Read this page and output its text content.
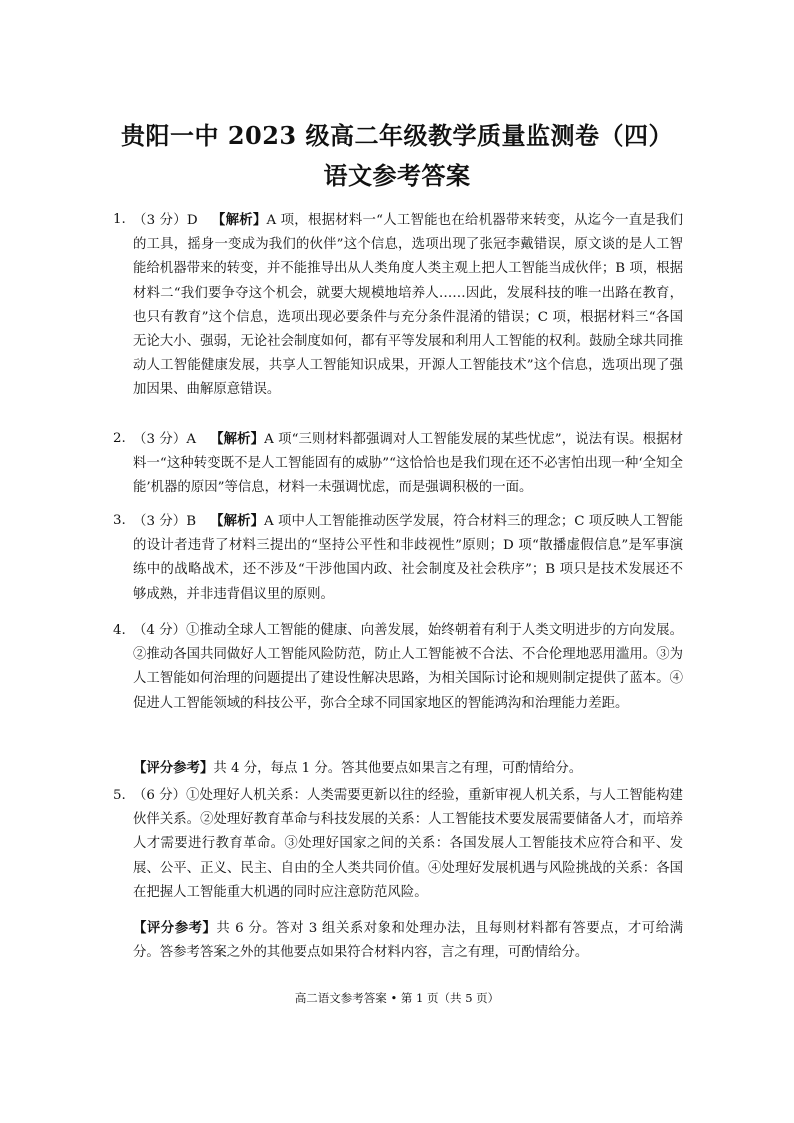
贵阳一中 2023 级高二年级教学质量监测卷（四）
语文参考答案
1. （3 分）D 【解析】A 项，根据材料一“人工智能也在给机器带来转变，从迄今一直是我们的工具，摇身一变成为我们的伙伴”这个信息，选项出现了张冠李戴错误，原文谈的是人工智能给机器带来的转变，并不能推导出从人类角度人类主观上把人工智能当成伙伴；B 项，根据材料二“我们要争夺这个机会，就要大规模地培养人……因此，发展科技的唯一出路在教育，也只有教育”这个信息，选项出现必要条件与充分条件混淆的错误；C 项，根据材料三“各国无论大小、强弱，无论社会制度如何，都有平等发展和利用人工智能的权利。鼓励全球共同推动人工智能健康发展，共享人工智能知识成果，开源人工智能技术”这个信息，选项出现了强加因果、曲解原意错误。
2. （3 分）A 【解析】A 项“三则材料都强调对人工智能发展的某些忧虑”，说法有误。根据材料一“这种转变既不是人工智能固有的威胁”“这恰恰也是我们现在还不必害怕出现一种‘全知全能’机器的原因”等信息，材料一未强调忧虑，而是强调积极的一面。
3. （3 分）B 【解析】A 项中人工智能推动医学发展，符合材料三的理念；C 项反映人工智能的设计者违背了材料三提出的“坚持公平性和非歧视性”原则；D 项“散播虚假信息”是军事演练中的战略战术，还不涉及“干涉他国内政、社会制度及社会秩序”；B 项只是技术发展还不够成熟，并非违背倡议里的原则。
4. （4 分）①推动全球人工智能的健康、向善发展，始终朝着有利于人类文明进步的方向发展。②推动各国共同做好人工智能风险防范，防止人工智能被不合法、不合伦理地恶用滥用。③为人工智能如何治理的问题提出了建设性解决思路，为相关国际讨论和规则制定提供了蓝本。④促进人工智能领域的科技公平，弥合全球不同国家地区的智能鸿沟和治理能力差距。
【评分参考】共 4 分，每点 1 分。答其他要点如果言之有理，可酌情给分。
5. （6 分）①处理好人机关系：人类需要更新以往的经验，重新审视人机关系，与人工智能构建伙伴关系。②处理好教育革命与科技发展的关系：人工智能技术要发展需要储备人才，而培养人才需要进行教育革命。③处理好国家之间的关系：各国发展人工智能技术应符合和平、发展、公平、正义、民主、自由的全人类共同价值。④处理好发展机遇与风险挑战的关系：各国在把握人工智能重大机遇的同时应注意防范风险。
【评分参考】共 6 分。答对 3 组关系对象和处理办法，且每则材料都有答要点，才可给满分。答参考答案之外的其他要点如果符合材料内容，言之有理，可酌情给分。
高二语文参考答案 • 第 1 页（共 5 页）
